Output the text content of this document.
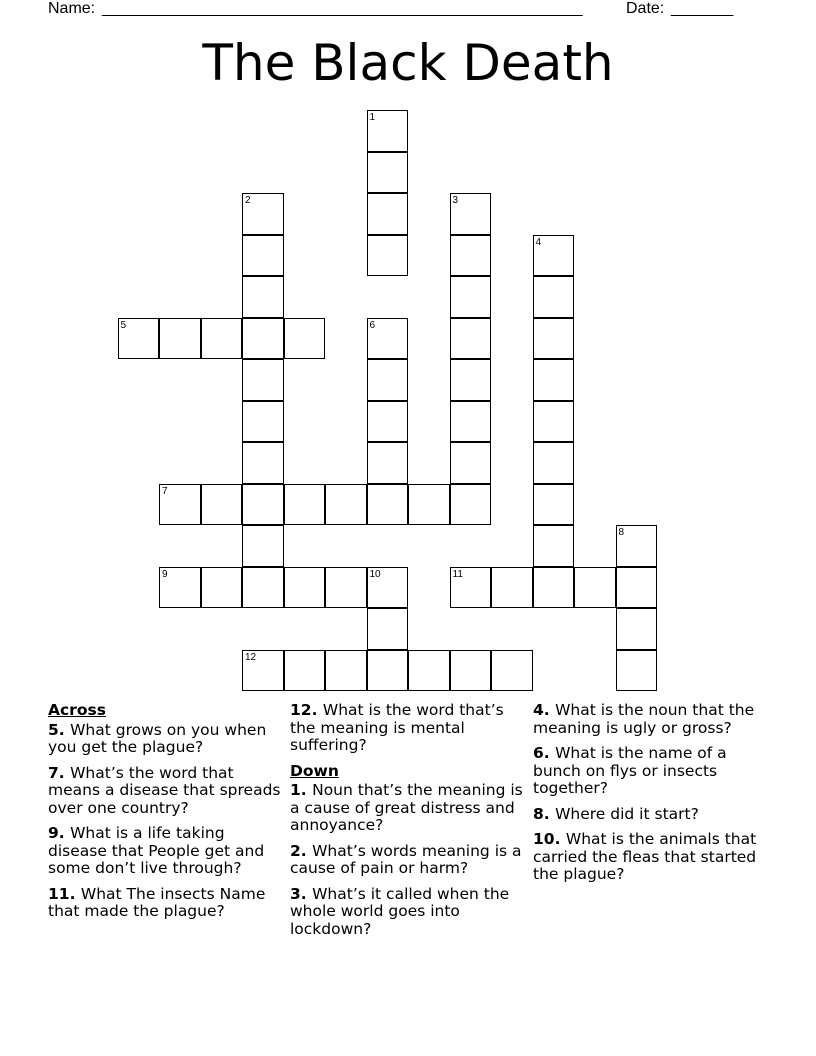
Name: ______________________________________________________	Date: _______
The Black Death
1
2	3
4
5	6
7
8
9	10	11
12
Across
5. What grows on you when you get the plague?
7. What’s the word that means a disease that spreads over one country?
9. What is a life taking disease that People get and some don’t live through?
11. What The insects Name that made the plague?
12. What is the word that’s the meaning is mental suffering?
Down
1. Noun that’s the meaning is a cause of great distress and annoyance?
2. What’s words meaning is a cause of pain or harm?
3. What’s it called when the whole world goes into lockdown?
4. What is the noun that the meaning is ugly or gross?
6. What is the name of a bunch on flys or insects together?
8. Where did it start?
10. What is the animals that carried the fleas that started the plague?
